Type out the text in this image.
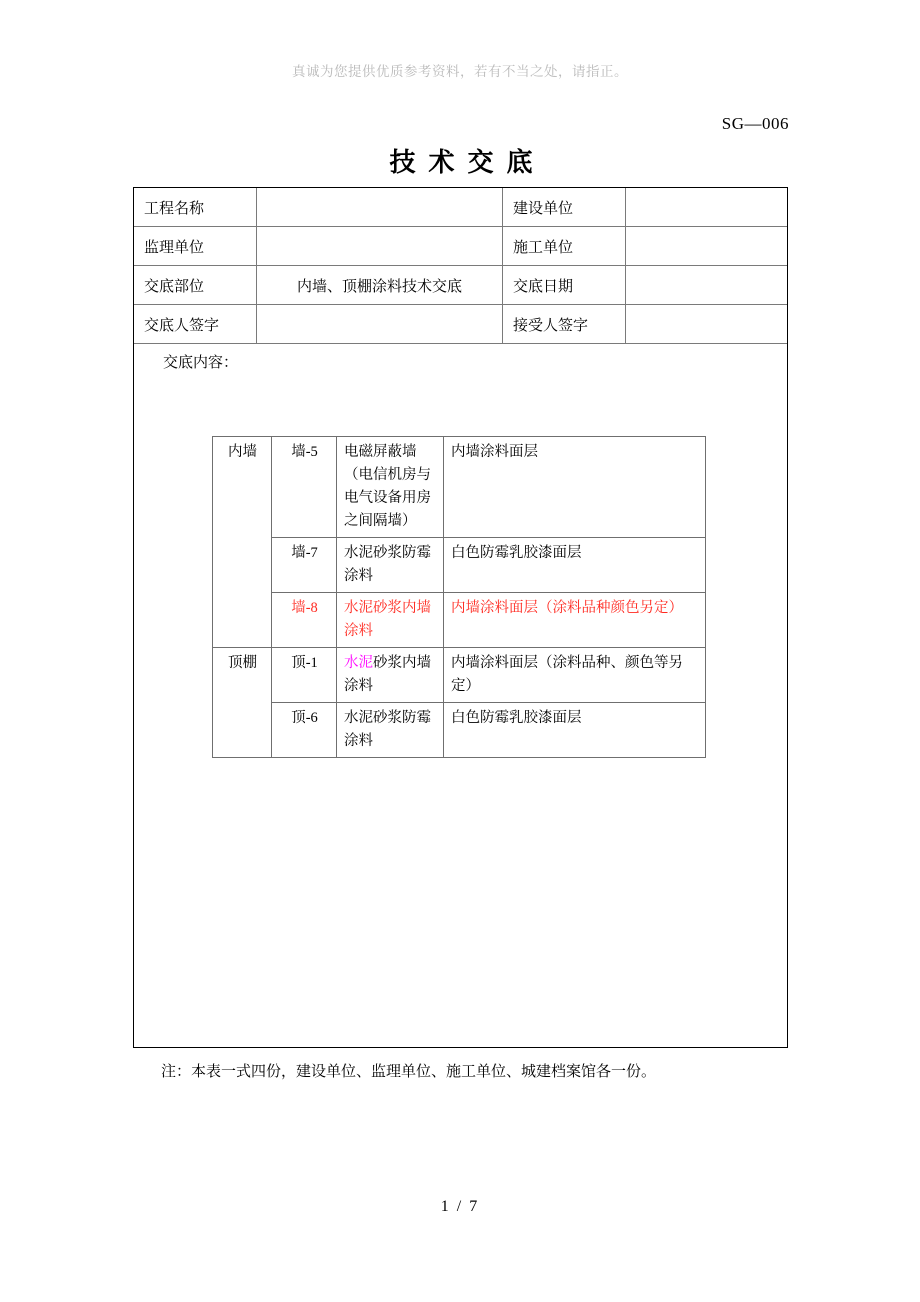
真诚为您提供优质参考资料，若有不当之处，请指正。
SG—006
技术交底
工程名称		建设单位	
监理单位		施工单位	
交底部位	内墙、顶棚涂料技术交底	交底日期	
交底人签字		接受人签字	
交底内容：
内墙	墙-5	电磁屏蔽墙（电信机房与电气设备用房之间隔墙）	内墙涂料面层
	墙-7	水泥砂浆防霉涂料	白色防霉乳胶漆面层
	墙-8	水泥砂浆内墙涂料	内墙涂料面层（涂料品种颜色另定）
顶棚	顶-1	水泥砂浆内墙涂料	内墙涂料面层（涂料品种、颜色等另定）
	顶-6	水泥砂浆防霉涂料	白色防霉乳胶漆面层
注：本表一式四份，建设单位、监理单位、施工单位、城建档案馆各一份。
1 / 7
